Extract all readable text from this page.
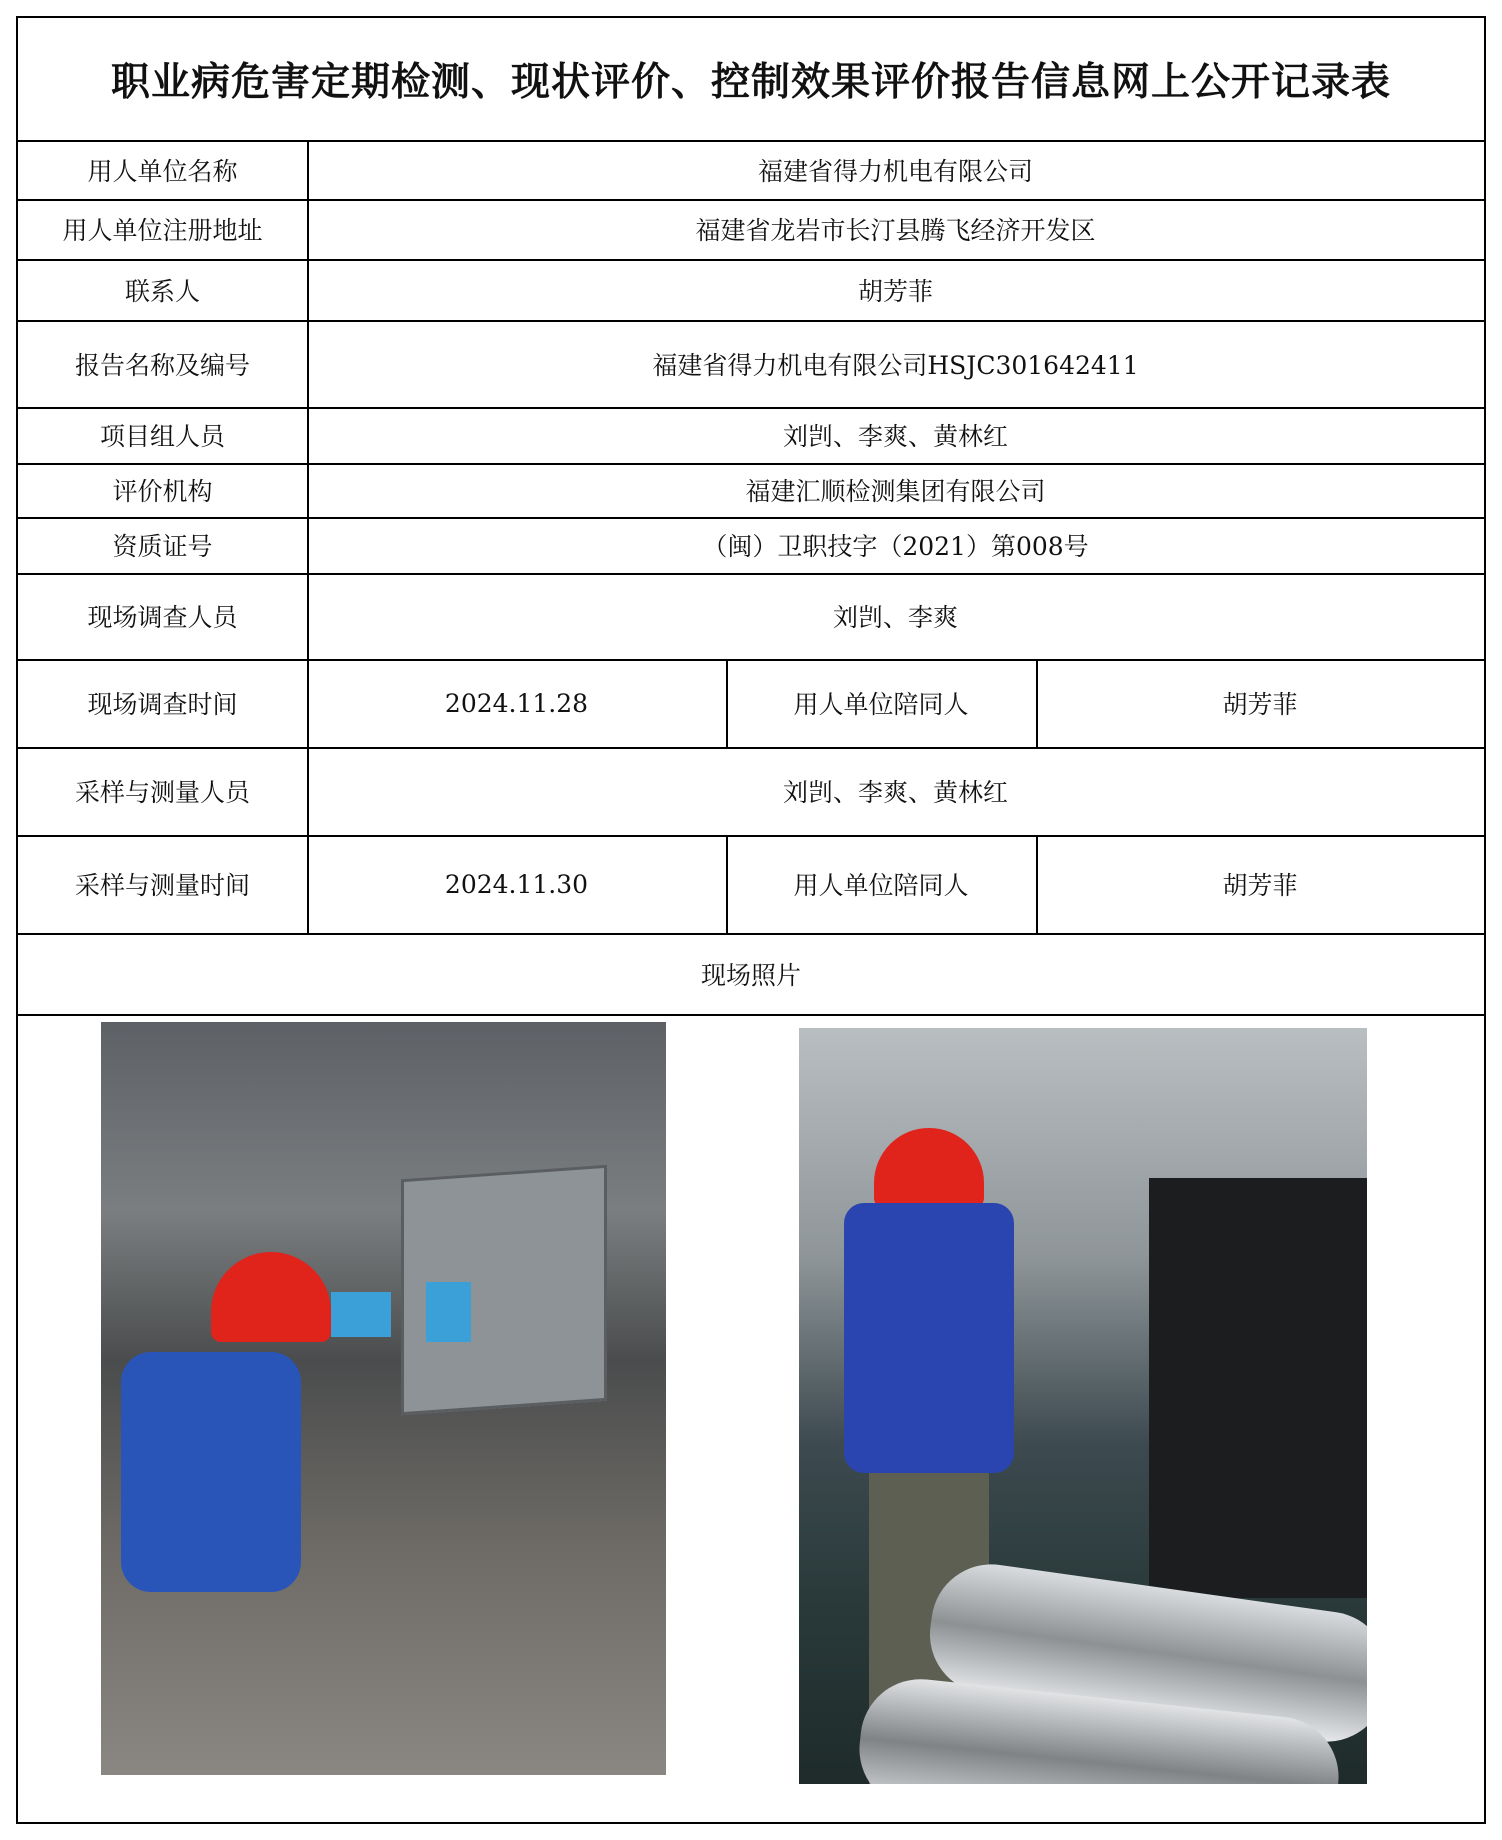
职业病危害定期检测、现状评价、控制效果评价报告信息网上公开记录表
用人单位名称	福建省得力机电有限公司
用人单位注册地址	福建省龙岩市长汀县腾飞经济开发区
联系人	胡芳菲
报告名称及编号	福建省得力机电有限公司HSJC301642411
项目组人员	刘剀、李爽、黄林红
评价机构	福建汇顺检测集团有限公司
资质证号	（闽）卫职技字（2021）第008号
现场调查人员	刘剀、李爽
现场调查时间	2024.11.28	用人单位陪同人	胡芳菲
采样与测量人员	刘剀、李爽、黄林红
采样与测量时间	2024.11.30	用人单位陪同人	胡芳菲
现场照片
